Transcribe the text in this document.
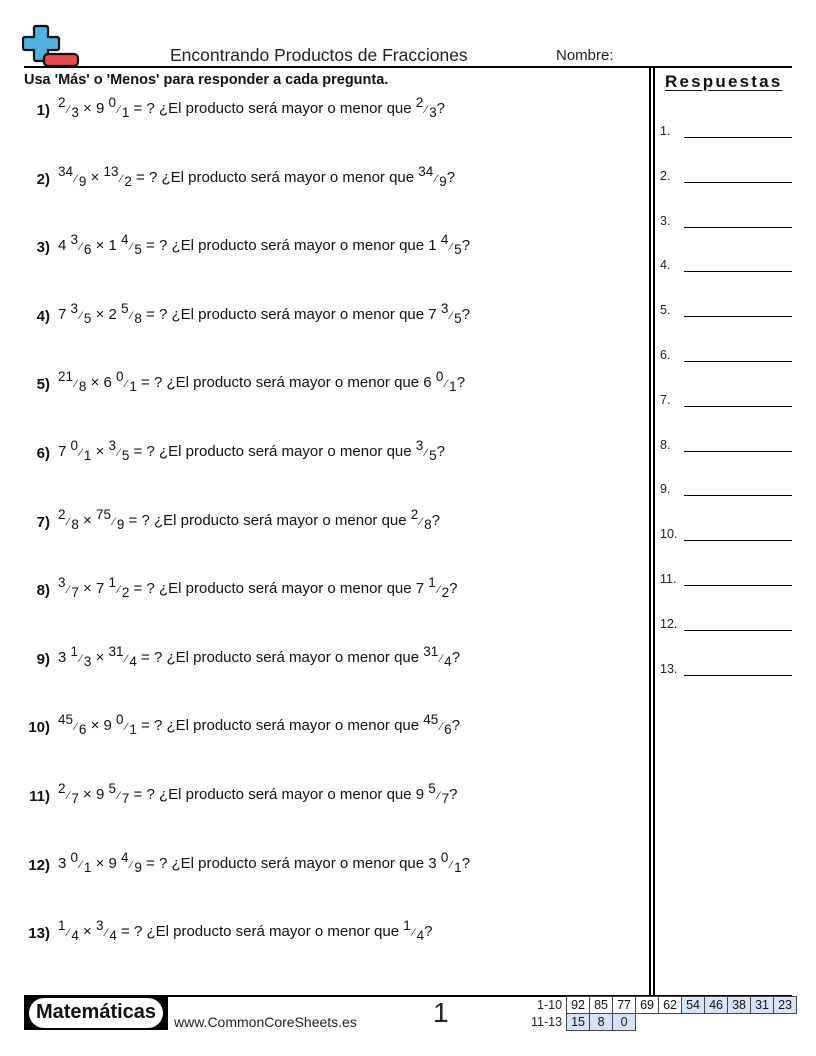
Encontrando Productos de Fracciones	Nombre:
Usa 'Más' o 'Menos' para responder a cada pregunta.	Respuestas
1) 2 ⁄ 3 × 9 0 ⁄ 1 = ? ¿El producto será mayor o menor que 2 ⁄ 3?
2) 34 ⁄ 9 × 13 ⁄ 2 = ? ¿El producto será mayor o menor que 34 ⁄ 9?
3) 4 3 ⁄ 6 × 1 4 ⁄ 5 = ? ¿El producto será mayor o menor que 1 4 ⁄ 5?
4) 7 3 ⁄ 5 × 2 5 ⁄ 8 = ? ¿El producto será mayor o menor que 7 3 ⁄ 5?
5) 21 ⁄ 8 × 6 0 ⁄ 1 = ? ¿El producto será mayor o menor que 6 0 ⁄ 1?
6) 7 0 ⁄ 1 × 3 ⁄ 5 = ? ¿El producto será mayor o menor que 3 ⁄ 5?
7) 2 ⁄ 8 × 75 ⁄ 9 = ? ¿El producto será mayor o menor que 2 ⁄ 8?
8) 3 ⁄ 7 × 7 1 ⁄ 2 = ? ¿El producto será mayor o menor que 7 1 ⁄ 2?
9) 3 1 ⁄ 3 × 31 ⁄ 4 = ? ¿El producto será mayor o menor que 31 ⁄ 4?
10) 45 ⁄ 6 × 9 0 ⁄ 1 = ? ¿El producto será mayor o menor que 45 ⁄ 6?
11) 2 ⁄ 7 × 9 5 ⁄ 7 = ? ¿El producto será mayor o menor que 9 5 ⁄ 7?
12) 3 0 ⁄ 1 × 9 4 ⁄ 9 = ? ¿El producto será mayor o menor que 3 0 ⁄ 1?
13) 1 ⁄ 4 × 3 ⁄ 4 = ? ¿El producto será mayor o menor que 1 ⁄ 4?
1.
2.
3.
4.
5.
6.
7.
8.
9.
10.
11.
12.
13.
Matemáticas	www.CommonCoreSheets.es	1	1-10	92	85	77	69	62	54	46	38	31	23
11-13	15	8	0							
